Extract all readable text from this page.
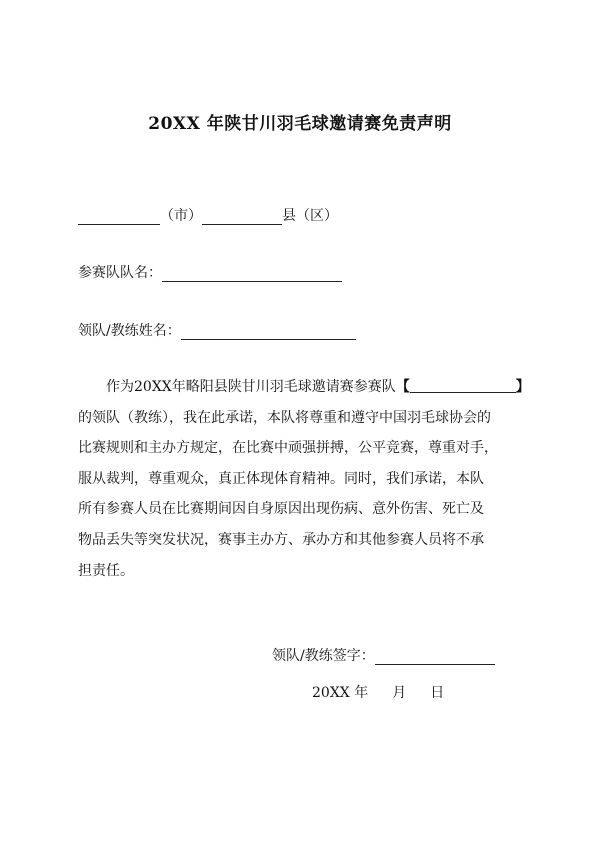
20XX 年陕甘川羽毛球邀请赛免责声明
（市）	县（区）
参赛队队名：
领队/教练姓名：
作为20XX年略阳县陕甘川羽毛球邀请赛参赛队【	】
的领队（教练），我在此承诺，本队将尊重和遵守中国羽毛球协会的
比赛规则和主办方规定，在比赛中顽强拼搏，公平竞赛，尊重对手，
服从裁判，尊重观众，真正体现体育精神。同时，我们承诺，本队
所有参赛人员在比赛期间因自身原因出现伤病、意外伤害、死亡及
物品丢失等突发状况，赛事主办方、承办方和其他参赛人员将不承
担责任。
领队/教练签字：
20XX 年 月 日
